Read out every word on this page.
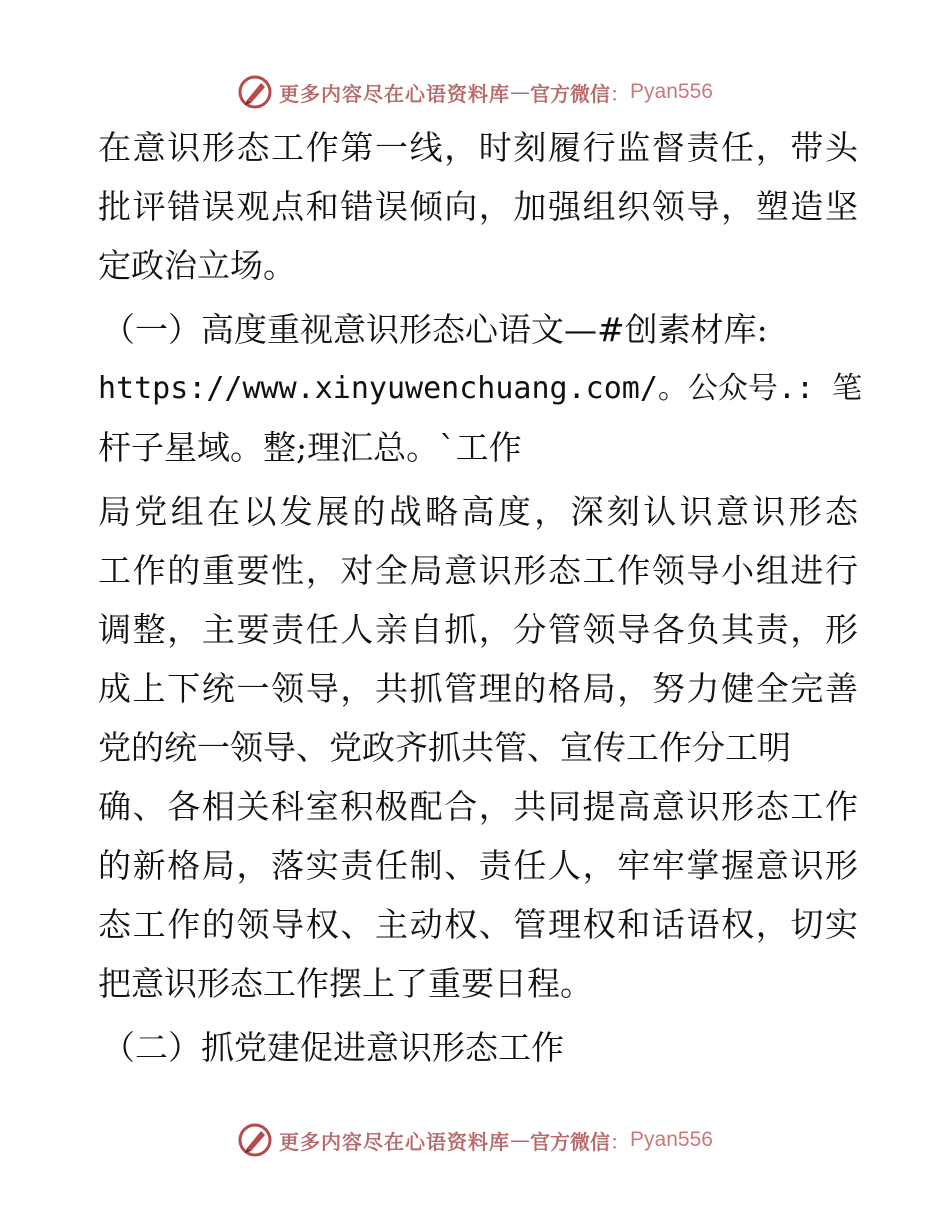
更多内容尽在心语资料库 — 官方微信 ： Pyan556
在意识形态工作第一线，时刻履行监督责任，带头
批评错误观点和错误倾向，加强组织领导，塑造坚
定政治立场。
（一）高度重视意识形态心语文—#创素材库:
https://www.xinyuwenchuang.com/。公众号.: 笔
杆子星域。整;理汇总。`工作
局党组在以发展的战略高度，深刻认识意识形态
工作的重要性，对全局意识形态工作领导小组进行
调整，主要责任人亲自抓，分管领导各负其责，形
成上下统一领导，共抓管理的格局，努力健全完善
党的统一领导、党政齐抓共管、宣传工作分工明
确、各相关科室积极配合，共同提高意识形态工作
的新格局，落实责任制、责任人，牢牢掌握意识形
态工作的领导权、主动权、管理权和话语权，切实
把意识形态工作摆上了重要日程。
（二）抓党建促进意识形态工作
更多内容尽在心语资料库 — 官方微信 ： Pyan556
